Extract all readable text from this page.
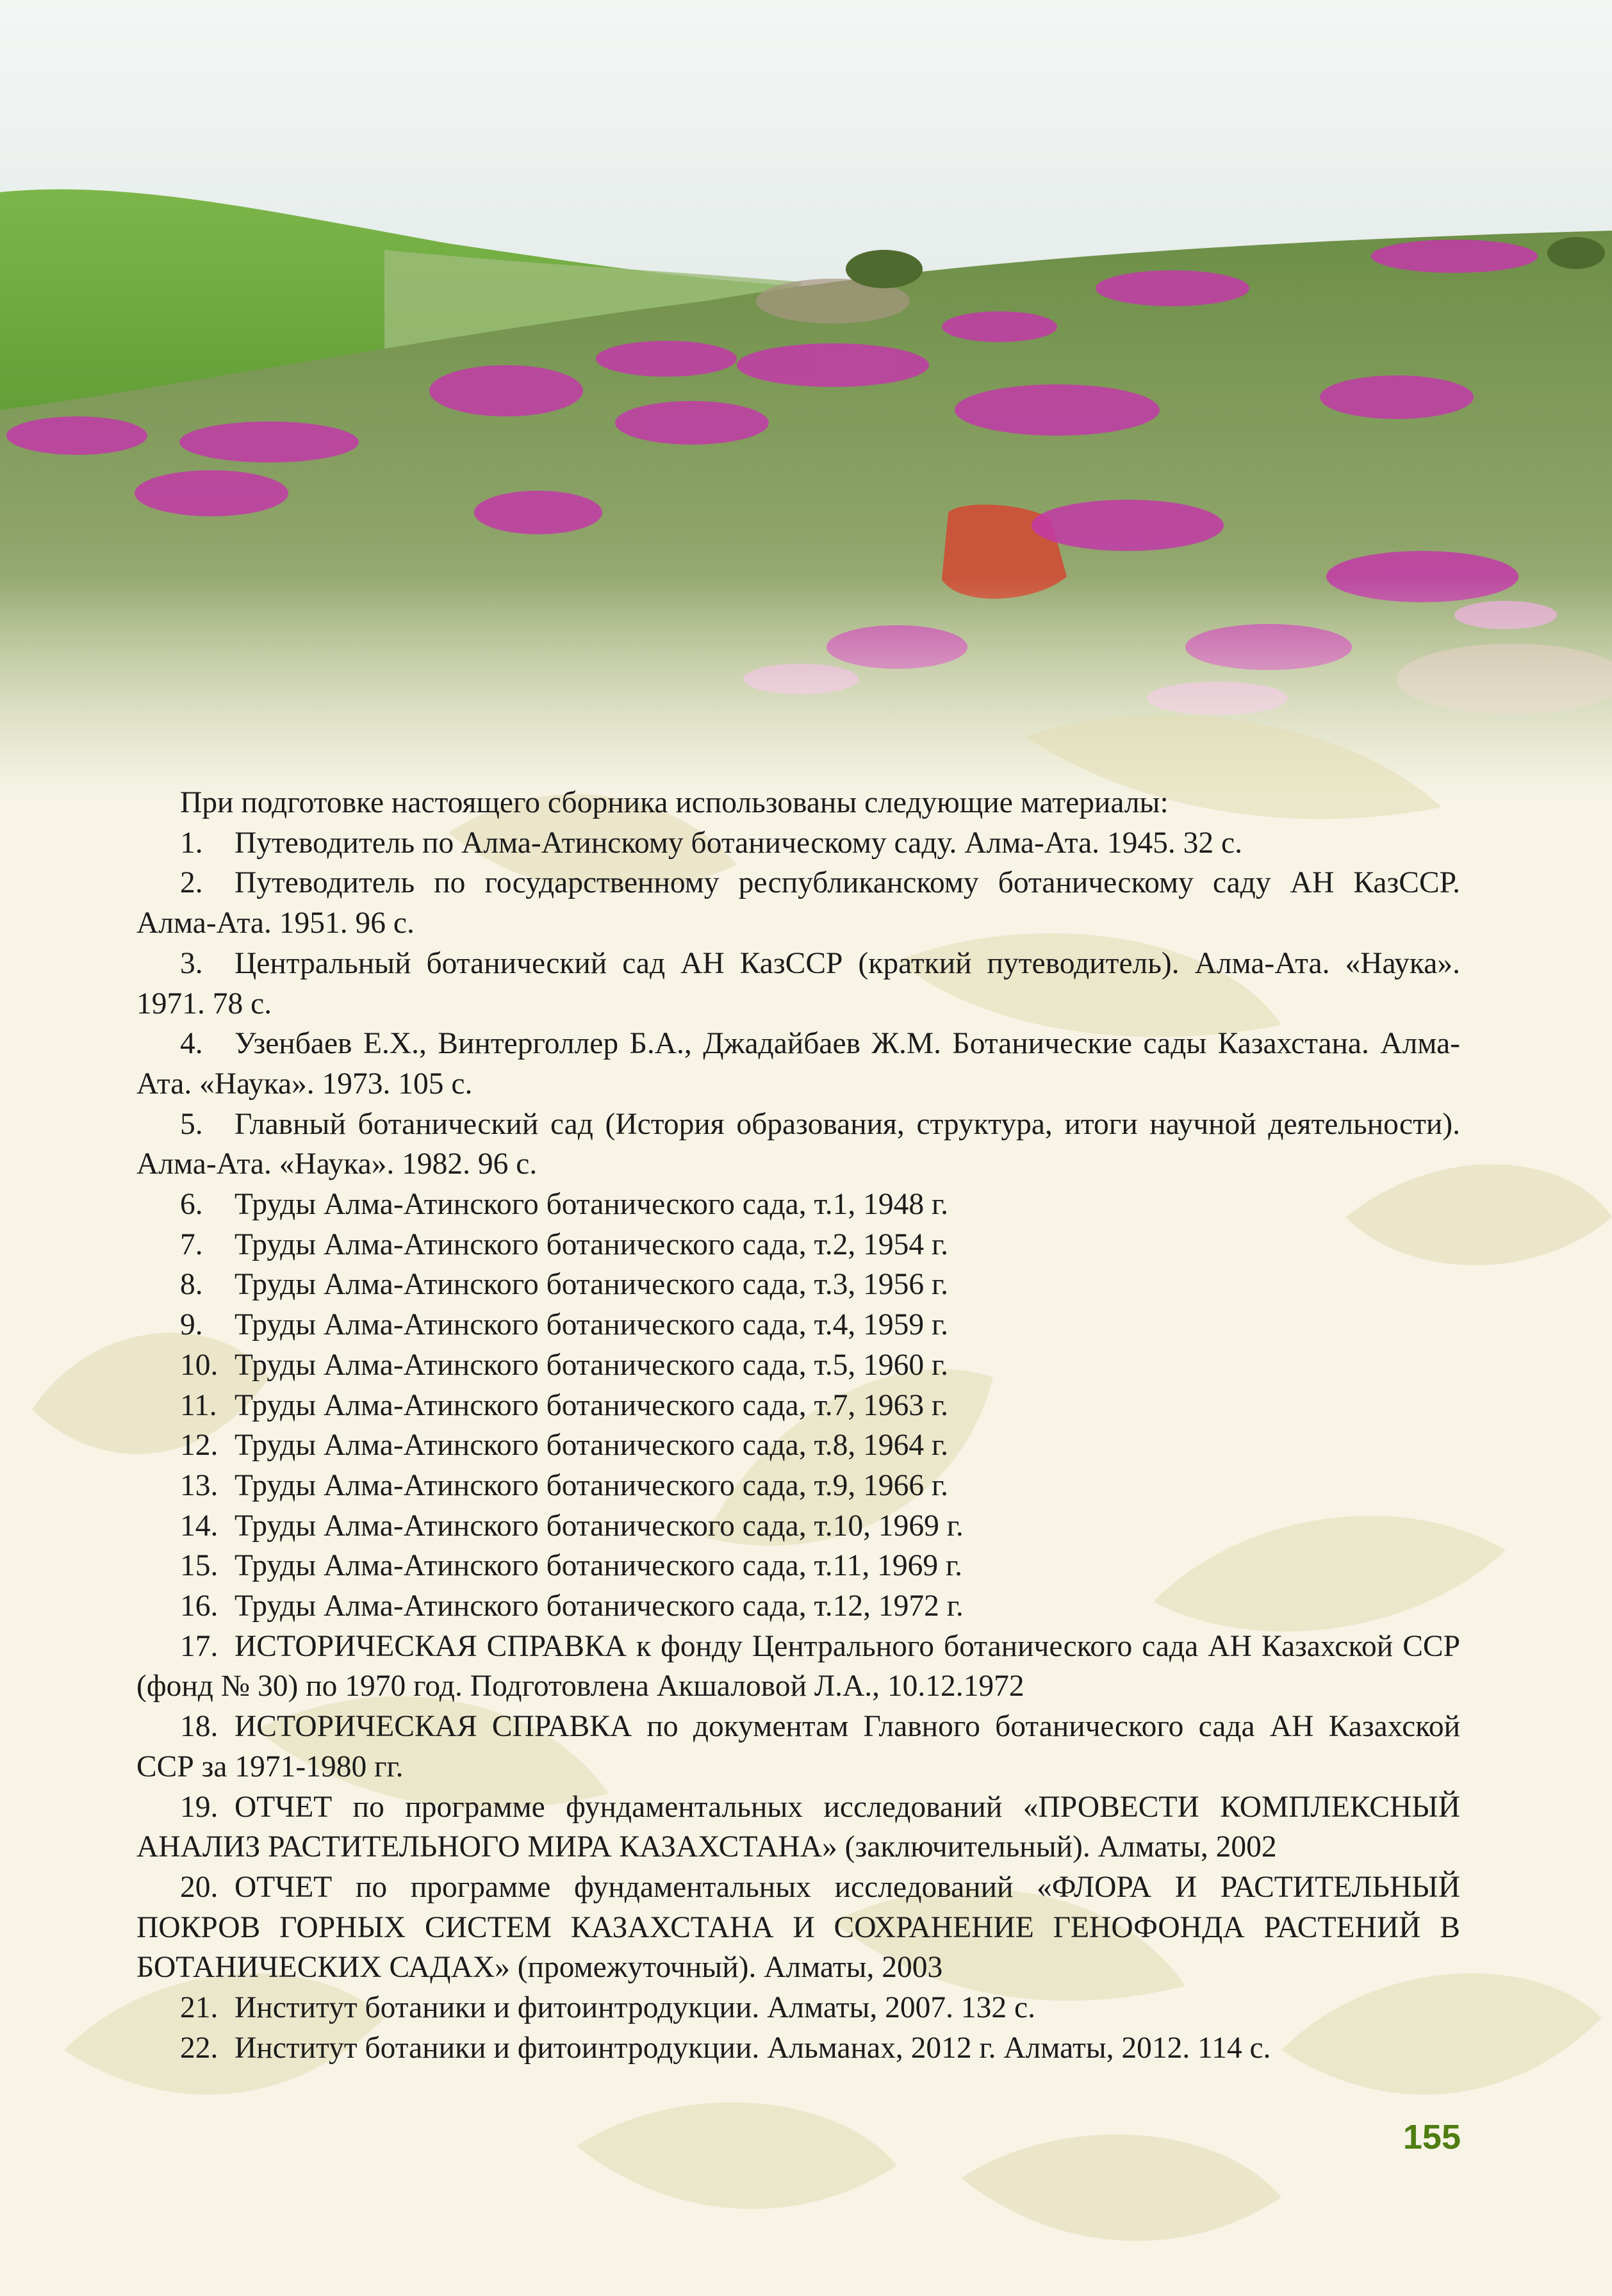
При подготовке настоящего сборника использованы следующие материалы:

1. Путеводитель по Алма-Атинскому ботаническому саду. Алма-Ата. 1945. 32 с.

2. Путеводитель по государственному республиканскому ботаническому саду АН КазССР. Алма-Ата. 1951. 96 с.

3. Центральный ботанический сад АН КазССР (краткий путеводитель). Алма-Ата. «Наука». 1971. 78 с.

4. Узенбаев Е.Х., Винтерголлер Б.А., Джадайбаев Ж.М. Ботанические сады Казахстана. Алма-Ата. «Наука». 1973. 105 с.

5. Главный ботанический сад (История образования, структура, итоги научной деятельности). Алма-Ата. «Наука». 1982. 96 с.

6. Труды Алма-Атинского ботанического сада, т.1, 1948 г.

7. Труды Алма-Атинского ботанического сада, т.2, 1954 г.

8. Труды Алма-Атинского ботанического сада, т.3, 1956 г.

9. Труды Алма-Атинского ботанического сада, т.4, 1959 г.

10. Труды Алма-Атинского ботанического сада, т.5, 1960 г.

11. Труды Алма-Атинского ботанического сада, т.7, 1963 г.

12. Труды Алма-Атинского ботанического сада, т.8, 1964 г.

13. Труды Алма-Атинского ботанического сада, т.9, 1966 г.

14. Труды Алма-Атинского ботанического сада, т.10, 1969 г.

15. Труды Алма-Атинского ботанического сада, т.11, 1969 г.

16. Труды Алма-Атинского ботанического сада, т.12, 1972 г.

17. ИСТОРИЧЕСКАЯ СПРАВКА к фонду Центрального ботанического сада АН Казахской ССР (фонд № 30) по 1970 год. Подготовлена Акшаловой Л.А., 10.12.1972

18. ИСТОРИЧЕСКАЯ СПРАВКА по документам Главного ботанического сада АН Казахской ССР за 1971-1980 гг.

19. ОТЧЕТ по программе фундаментальных исследований «ПРОВЕСТИ КОМПЛЕКСНЫЙ АНАЛИЗ РАСТИТЕЛЬНОГО МИРА КАЗАХСТАНА» (заключительный). Алматы, 2002

20. ОТЧЕТ по программе фундаментальных исследований «ФЛОРА И РАСТИТЕЛЬНЫЙ ПОКРОВ ГОРНЫХ СИСТЕМ КАЗАХСТАНА И СОХРАНЕНИЕ ГЕНОФОНДА РАСТЕНИЙ В БОТАНИЧЕСКИХ САДАХ» (промежуточный). Алматы, 2003

21. Институт ботаники и фитоинтродукции. Алматы, 2007. 132 с.

22. Институт ботаники и фитоинтродукции. Альманах, 2012 г. Алматы, 2012. 114 с.

155
